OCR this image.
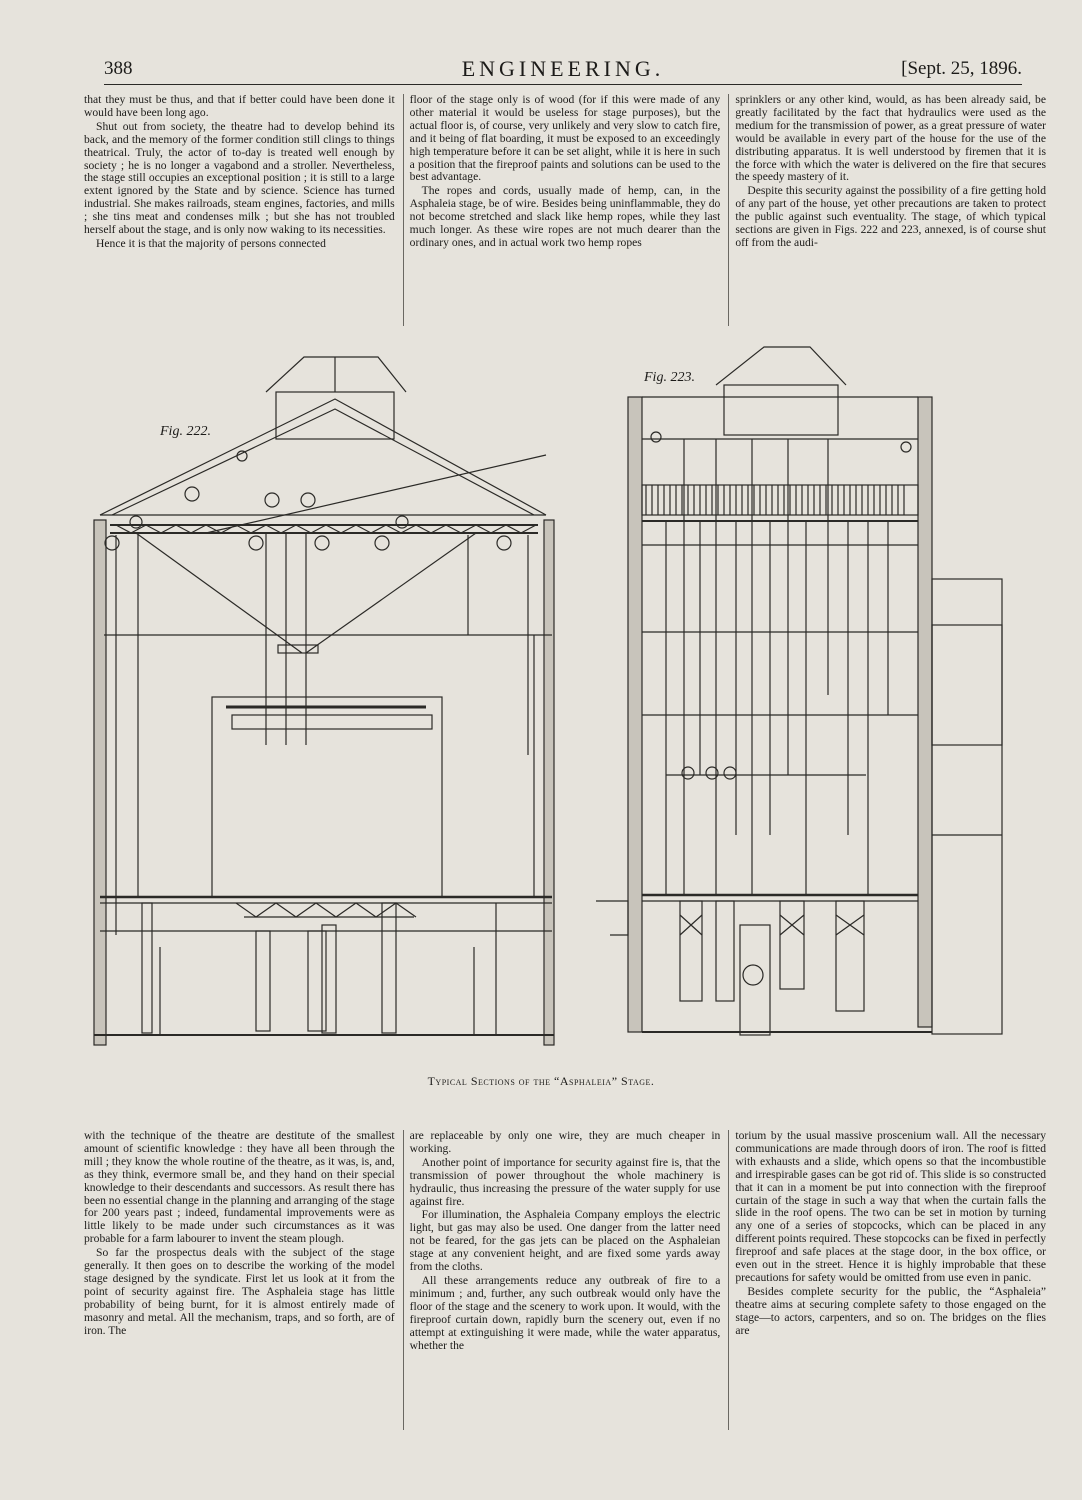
388	ENGINEERING.	[Sept. 25, 1896.

that they must be thus, and that if better could have been done it would have been long ago.

Shut out from society, the theatre had to develop behind its back, and the memory of the former condition still clings to things theatrical. Truly, the actor of to-day is treated well enough by society ; he is no longer a vagabond and a stroller. Nevertheless, the stage still occupies an exceptional position ; it is still to a large extent ignored by the State and by science. Science has turned industrial. She makes railroads, steam engines, factories, and mills ; she tins meat and condenses milk ; but she has not troubled herself about the stage, and is only now waking to its necessities.

Hence it is that the majority of persons connected

floor of the stage only is of wood (for if this were made of any other material it would be useless for stage purposes), but the actual floor is, of course, very unlikely and very slow to catch fire, and it being of flat boarding, it must be exposed to an exceedingly high temperature before it can be set alight, while it is here in such a position that the fireproof paints and solutions can be used to the best advantage.

The ropes and cords, usually made of hemp, can, in the Asphaleia stage, be of wire. Besides being uninflammable, they do not become stretched and slack like hemp ropes, while they last much longer. As these wire ropes are not much dearer than the ordinary ones, and in actual work two hemp ropes

sprinklers or any other kind, would, as has been already said, be greatly facilitated by the fact that hydraulics were used as the medium for the transmission of power, as a great pressure of water would be available in every part of the house for the use of the distributing apparatus. It is well understood by firemen that it is the force with which the water is delivered on the fire that secures the speedy mastery of it.

Despite this security against the possibility of a fire getting hold of any part of the house, yet other precautions are taken to protect the public against such eventuality. The stage, of which typical sections are given in Figs. 222 and 223, annexed, is of course shut off from the audi-

Fig. 222.
Fig. 223.
Typical Sections of the “Asphaleia” Stage.

with the technique of the theatre are destitute of the smallest amount of scientific knowledge : they have all been through the mill ; they know the whole routine of the theatre, as it was, is, and, as they think, evermore small be, and they hand on their special knowledge to their descendants and successors. As result there has been no essential change in the planning and arranging of the stage for 200 years past ; indeed, fundamental improvements were as little likely to be made under such circumstances as it was probable for a farm labourer to invent the steam plough.

So far the prospectus deals with the subject of the stage generally. It then goes on to describe the working of the model stage designed by the syndicate. First let us look at it from the point of security against fire. The Asphaleia stage has little probability of being burnt, for it is almost entirely made of masonry and metal. All the mechanism, traps, and so forth, are of iron. The

are replaceable by only one wire, they are much cheaper in working.

Another point of importance for security against fire is, that the transmission of power throughout the whole machinery is hydraulic, thus increasing the pressure of the water supply for use against fire.

For illumination, the Asphaleia Company employs the electric light, but gas may also be used. One danger from the latter need not be feared, for the gas jets can be placed on the Asphaleian stage at any convenient height, and are fixed some yards away from the cloths.

All these arrangements reduce any outbreak of fire to a minimum ; and, further, any such outbreak would only have the floor of the stage and the scenery to work upon. It would, with the fireproof curtain down, rapidly burn the scenery out, even if no attempt at extinguishing it were made, while the water apparatus, whether the

torium by the usual massive proscenium wall. All the necessary communications are made through doors of iron. The roof is fitted with exhausts and a slide, which opens so that the incombustible and irrespirable gases can be got rid of. This slide is so constructed that it can in a moment be put into connection with the fireproof curtain of the stage in such a way that when the curtain falls the slide in the roof opens. The two can be set in motion by turning any one of a series of stopcocks, which can be placed in any different points required. These stopcocks can be fixed in perfectly fireproof and safe places at the stage door, in the box office, or even out in the street. Hence it is highly improbable that these precautions for safety would be omitted from use even in panic.

Besides complete security for the public, the “Asphaleia” theatre aims at securing complete safety to those engaged on the stage—to actors, carpenters, and so on. The bridges on the flies are
